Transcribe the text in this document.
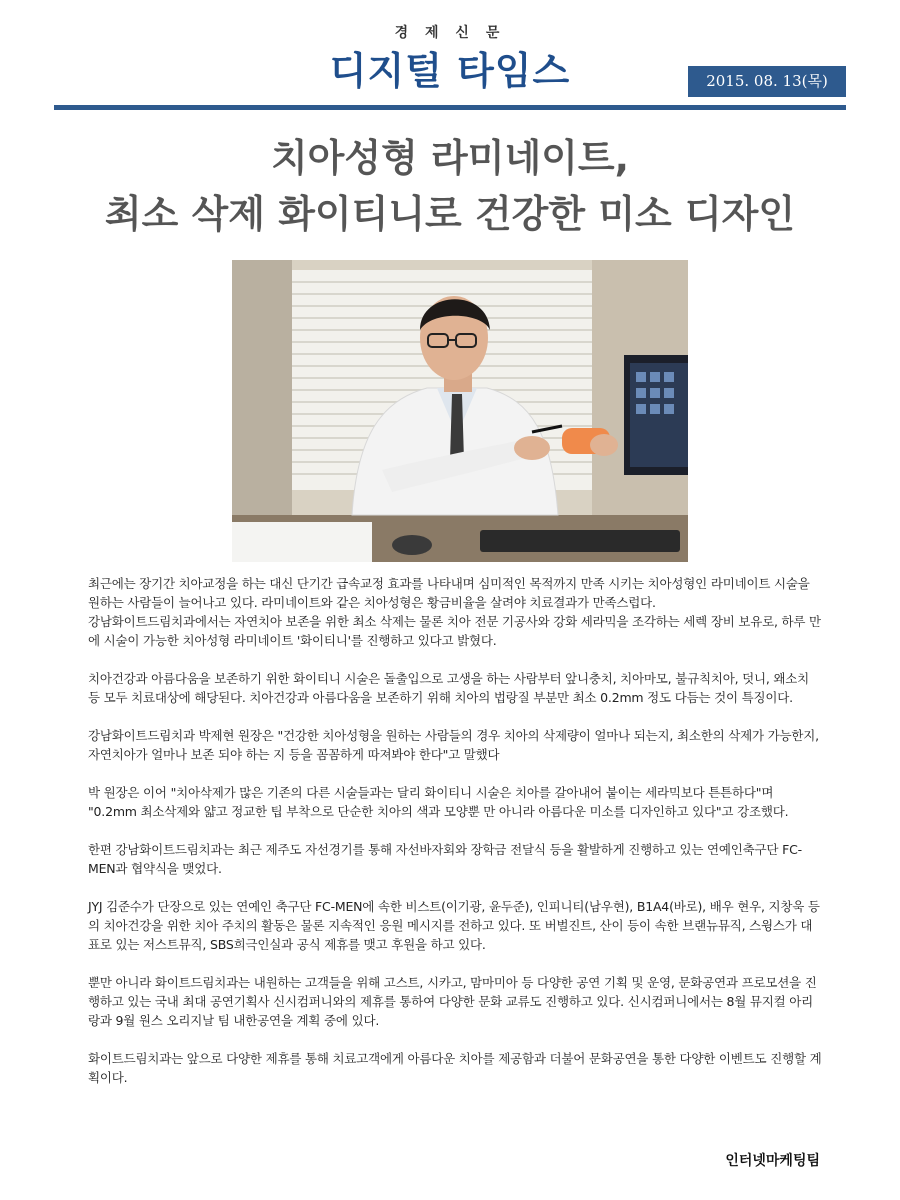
경 제 신 문
디지털 타임스	2015. 08. 13(목)
치아성형 라미네이트,
최소 삭제 화이티니로 건강한 미소 디자인

최근에는 장기간 치아교정을 하는 대신 단기간 급속교정 효과를 나타내며 심미적인 목적까지 만족 시키는 치아성형인 라미네이트 시술을 원하는 사람들이 늘어나고 있다. 라미네이트와 같은 치아성형은 황금비율을 살려야 치료결과가 만족스럽다.

강남화이트드림치과에서는 자연치아 보존을 위한 최소 삭제는 물론 치아 전문 기공사와 강화 세라믹을 조각하는 세렉 장비 보유로, 하루 만에 시술이 가능한 치아성형 라미네이트 '화이티니'를 진행하고 있다고 밝혔다.

치아건강과 아름다움을 보존하기 위한 화이티니 시술은 돌출입으로 고생을 하는 사람부터 앞니충치, 치아마모, 불규칙치아, 덧니, 왜소치 등 모두 치료대상에 해당된다. 치아건강과 아름다움을 보존하기 위해 치아의 법랑질 부분만 최소 0.2mm 정도 다듬는 것이 특징이다.

강남화이트드림치과 박제현 원장은 "건강한 치아성형을 원하는 사람들의 경우 치아의 삭제량이 얼마나 되는지, 최소한의 삭제가 가능한지, 자연치아가 얼마나 보존 되야 하는 지 등을 꼼꼼하게 따져봐야 한다"고 말했다

박 원장은 이어 "치아삭제가 많은 기존의 다른 시술들과는 달리 화이티니 시술은 치아를 갈아내어 붙이는 세라믹보다 튼튼하다"며 "0.2mm 최소삭제와 얇고 정교한 팁 부착으로 단순한 치아의 색과 모양뿐 만 아니라 아름다운 미소를 디자인하고 있다"고 강조했다.

한편 강남화이트드림치과는 최근 제주도 자선경기를 통해 자선바자회와 장학금 전달식 등을 활발하게 진행하고 있는 연예인축구단 FC-MEN과 협약식을 맺었다.

JYJ 김준수가 단장으로 있는 연예인 축구단 FC-MEN에 속한 비스트(이기광, 윤두준), 인피니티(남우현), B1A4(바로), 배우 현우, 지창욱 등의 치아건강을 위한 치아 주치의 활동은 물론 지속적인 응원 메시지를 전하고 있다. 또 버벌진트, 산이 등이 속한 브랜뉴뮤직, 스윙스가 대표로 있는 저스트뮤직, SBS희극인실과 공식 제휴를 맺고 후원을 하고 있다.

뿐만 아니라 화이트드림치과는 내원하는 고객들을 위해 고스트, 시카고, 맘마미아 등 다양한 공연 기획 및 운영, 문화공연과 프로모션을 진행하고 있는 국내 최대 공연기획사 신시컴퍼니와의 제휴를 통하여 다양한 문화 교류도 진행하고 있다. 신시컴퍼니에서는 8월 뮤지컬 아리랑과 9월 원스 오리지날 팀 내한공연을 계획 중에 있다.

화이트드림치과는 앞으로 다양한 제휴를 통해 치료고객에게 아름다운 치아를 제공함과 더불어 문화공연을 통한 다양한 이벤트도 진행할 계획이다.

인터넷마케팅팀
